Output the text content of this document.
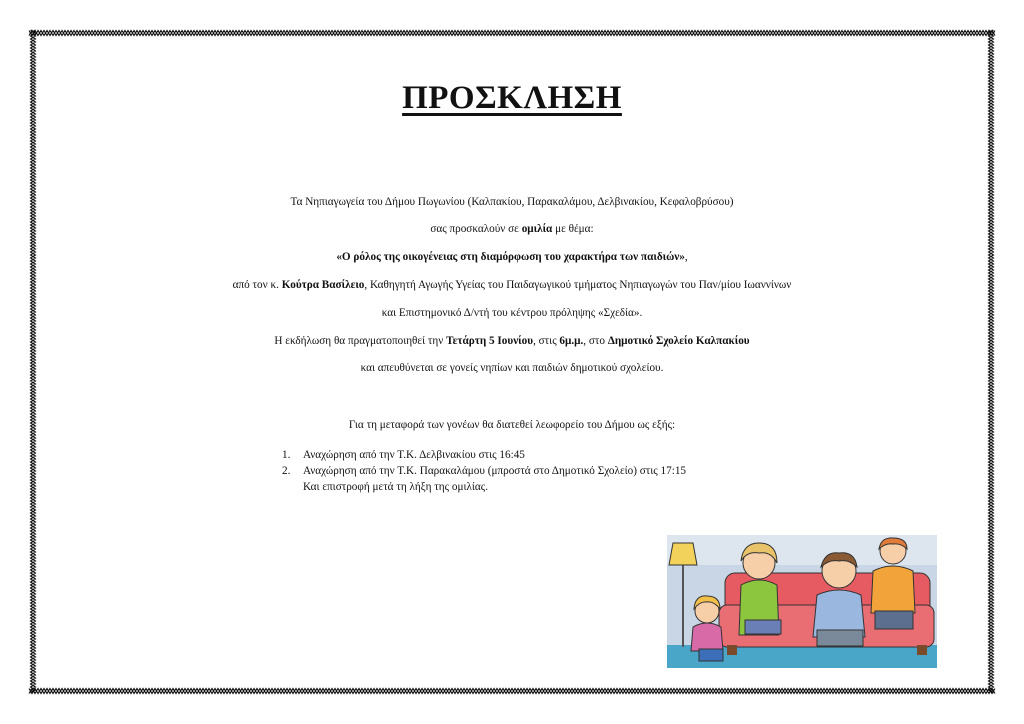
ΠΡΟΣΚΛΗΣΗ
Τα Νηπιαγωγεία του Δήμου Πωγωνίου (Καλπακίου, Παρακαλάμου, Δελβινακίου, Κεφαλοβρύσου)
σας προσκαλούν σε ομιλία με θέμα:
«Ο ρόλος της οικογένειας στη διαμόρφωση του χαρακτήρα των παιδιών»,
από τον κ. Κούτρα Βασίλειο, Καθηγητή Αγωγής Υγείας του Παιδαγωγικού τμήματος Νηπιαγωγών του Παν/μίου Ιωαννίνων
και Επιστημονικό Δ/ντή του κέντρου πρόληψης «Σχεδία».
Η εκδήλωση θα πραγματοποιηθεί την Τετάρτη 5 Ιουνίου, στις 6μ.μ., στο Δημοτικό Σχολείο Καλπακίου
και απευθύνεται σε γονείς νηπίων και παιδιών δημοτικού σχολείου.
Για τη μεταφορά των γονέων θα διατεθεί λεωφορείο του Δήμου ως εξής:
1.	Αναχώρηση από την Τ.Κ. Δελβινακίου στις 16:45
2.	Αναχώρηση από την Τ.Κ. Παρακαλάμου (μπροστά στο Δημοτικό Σχολείο) στις 17:15
Και επιστροφή μετά τη λήξη της ομιλίας.
